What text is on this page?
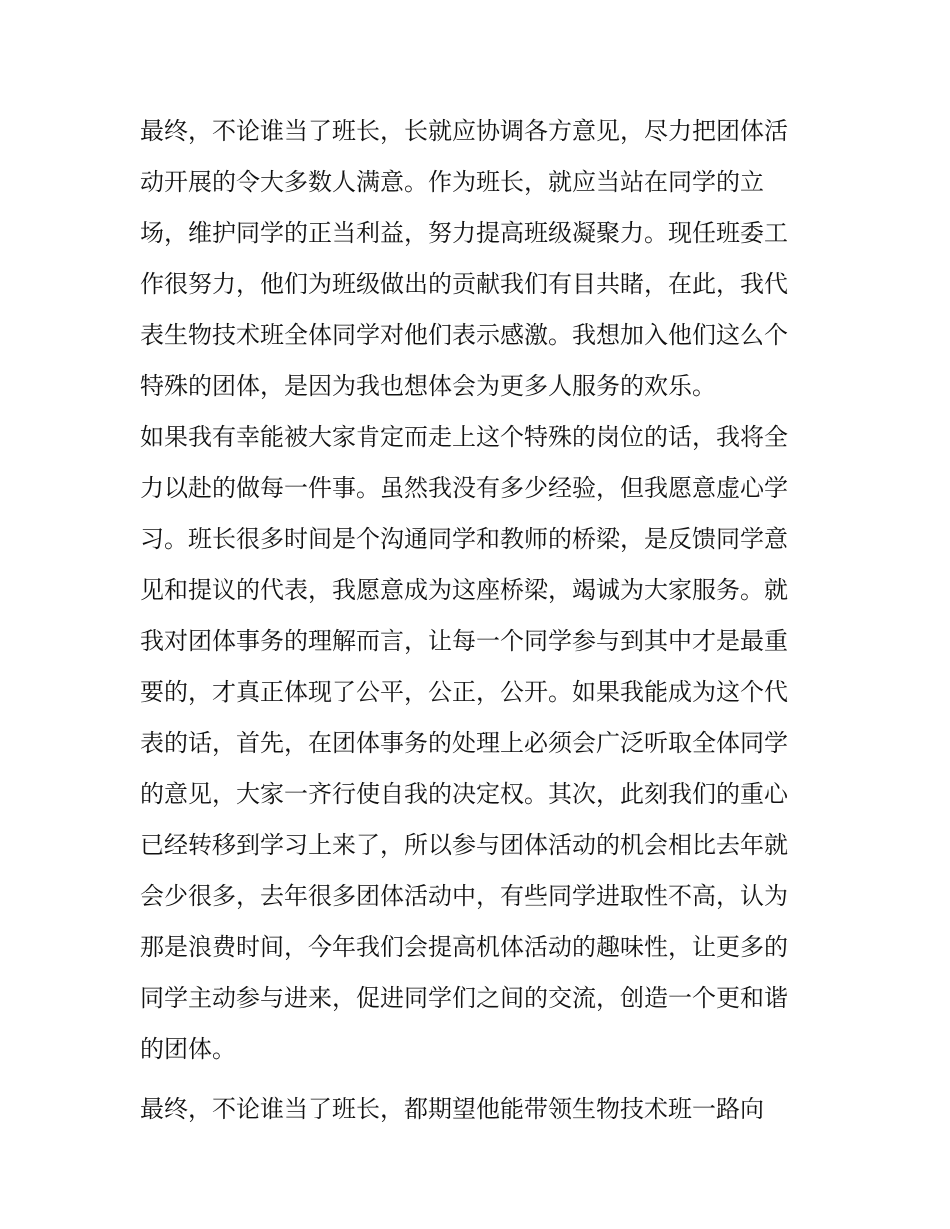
最终，不论谁当了班长，长就应协调各方意见，尽力把团体活
动开展的令大多数人满意。作为班长，就应当站在同学的立
场，维护同学的正当利益，努力提高班级凝聚力。现任班委工
作很努力，他们为班级做出的贡献我们有目共睹，在此，我代
表生物技术班全体同学对他们表示感激。我想加入他们这么个
特殊的团体，是因为我也想体会为更多人服务的欢乐。
如果我有幸能被大家肯定而走上这个特殊的岗位的话，我将全
力以赴的做每一件事。虽然我没有多少经验，但我愿意虚心学
习。班长很多时间是个沟通同学和教师的桥梁，是反馈同学意
见和提议的代表，我愿意成为这座桥梁，竭诚为大家服务。就
我对团体事务的理解而言，让每一个同学参与到其中才是最重
要的，才真正体现了公平，公正，公开。如果我能成为这个代
表的话，首先，在团体事务的处理上必须会广泛听取全体同学
的意见，大家一齐行使自我的决定权。其次，此刻我们的重心
已经转移到学习上来了，所以参与团体活动的机会相比去年就
会少很多，去年很多团体活动中，有些同学进取性不高，认为
那是浪费时间，今年我们会提高机体活动的趣味性，让更多的
同学主动参与进来，促进同学们之间的交流，创造一个更和谐
的团体。
最终，不论谁当了班长，都期望他能带领生物技术班一路向
